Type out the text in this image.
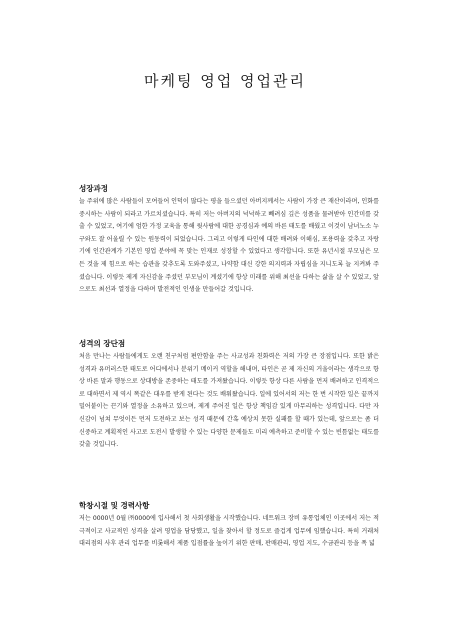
마케팅 영업 영업관리
성장과정

늘 주위에 많은 사람들이 모여들어 인덕이 많다는 평을 들으셨던 아버지께서는 사람이 가장 큰 재산이라며, 인화를 중시하는 사람이 되라고 가르치셨습니다. 특히 저는 아버지의 넉넉하고 빼려심 깊은 성품을 물려받아 인간미를 갖출 수 있었고, 여기에 엄한 가정 교육을 통해 윗사람에 대한 공경심과 예의 바른 태도를 배웠고 이것이 남녀노소 누구와도 잘 어울릴 수 있는 원동력이 되었습니다. 그리고 이렇게 타인에 대한 배려와 이해심, 포용력을 갖추고 자랑기에 인간관계가 기본인 영업 분야에 꼭 맞는 인재로 성장할 수 있었다고 생각합니다. 또한 유년시절 부모님은 모든 것을 제 힘으로 하는 습관을 갖추도록 도와주셨고, 나약함 대신 강한 의지력과 자립심을 지니도록 늘 지켜봐 주셨습니다. 이렇듯 제게 자신감을 주셨던 부모님이 계셨기에 항상 미래를 위해 최선을 다하는 삶을 살 수 있었고, 앞으로도 최선과 열정을 다하며 발전적인 인생을 만들어갈 것입니다.

성격의 장단점

처음 만나는 사람들에게도 오랜 친구처럼 편안함을 주는 사교성과 친화력은 저의 가장 큰 장점입니다. 또한 밝은 성격과 유머러스한 태도로 어디에서나 분위기 메이커 역할을 해내며, 타인은 곧 제 자신의 거울이라는 생각으로 항상 바른 말과 행동으로 상대방을 존중하는 태도를 가져왔습니다. 이렇듯 항상 다른 사람을 먼저 배려하고 인격적으로 대하면서 제 역시 똑같은 대우를 받게 된다는 것도 배워왔습니다. 일에 있어서의 저는 한 번 시작한 일은 끝까지 밀어붙이는 끈기와 열정을 소유하고 있으며, 제게 주어진 일은 항상 책임감 있게 마무리하는 성격입니다. 다만 자신감이 넘쳐 무엇이든 먼저 도전하고 보는 성격 때문에 간혹 예상치 못한 실패를 할 때가 있는데, 앞으로는 좀 더 신중하고 계획적인 사고로 도전시 발생할 수 있는 다양한 문제들도 미리 예측하고 준비할 수 있는 빈틈없는 태도를 갖출 것입니다.

학창시절 및 경력사항

저는 0000년 0월 ㈜0000에 입사해서 첫 사회생활을 시작했습니다. 네트워크 장비 유통업체인 이곳에서 저는 적극적이고 사교적인 성격을 살려 영업을 담당했고, 일을 찾아서 할 정도로 즐겁게 업무에 임했습니다. 특히 거래처 대리점의 사후 관리 업무를 비롯해서 제품 입점률을 높이기 위한 판매, 판매관리, 영업 지도, 수금관리 등을 폭 넓
